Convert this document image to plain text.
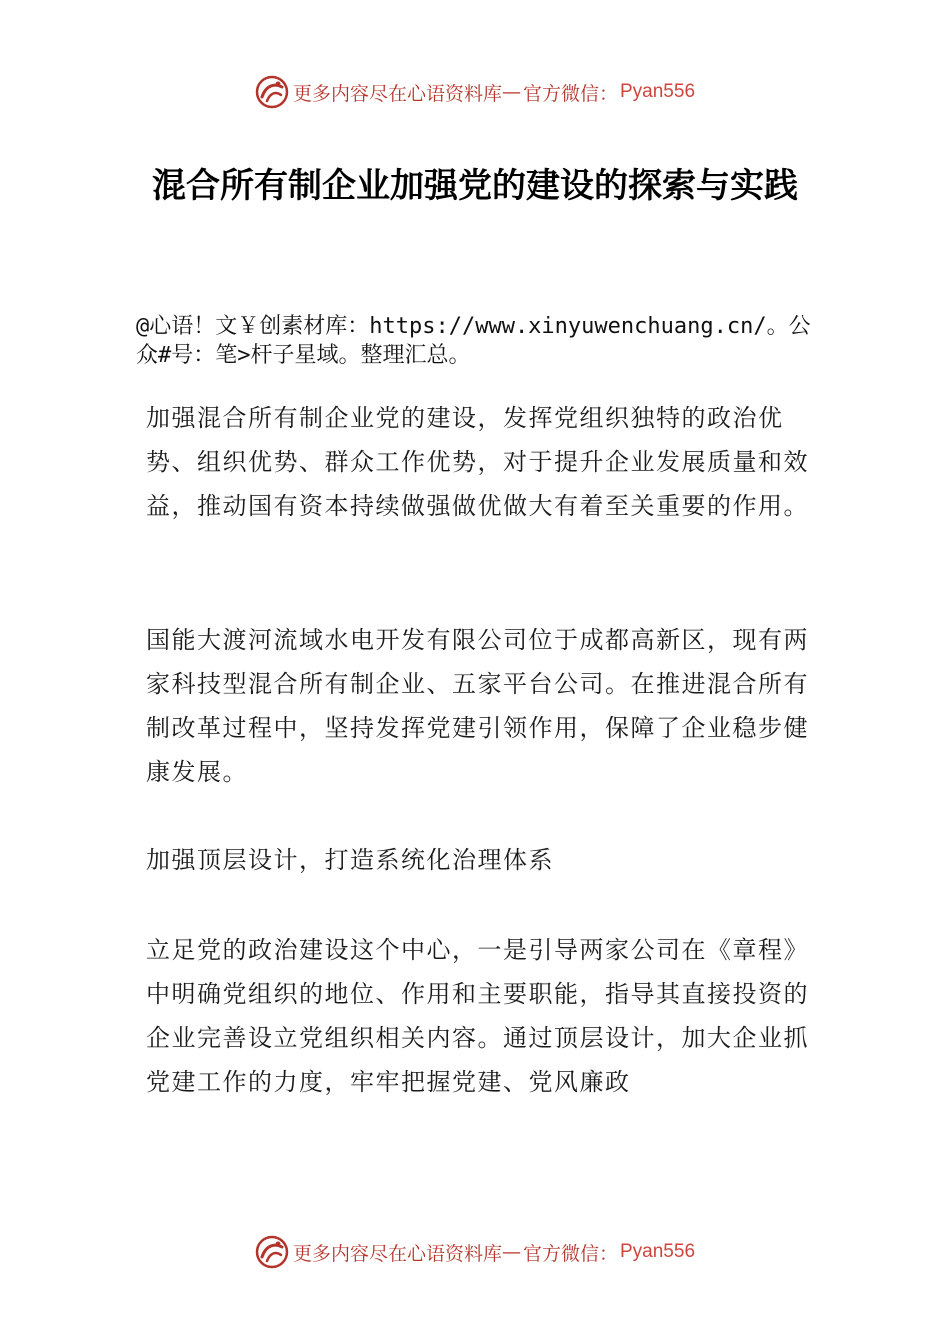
更多内容尽在心语资料库 — 官方微信： Pyan556
混合所有制企业加强党的建设的探索与实践

@心语！文￥创素材库：https://www.xinyuwenchuang.cn/。公众#号：笔>杆子星域。整理汇总。

加强混合所有制企业党的建设，发挥党组织独特的政治优势、组织优势、群众工作优势，对于提升企业发展质量和效益，推动国有资本持续做强做优做大有着至关重要的作用。

国能大渡河流域水电开发有限公司位于成都高新区，现有两家科技型混合所有制企业、五家平台公司。在推进混合所有制改革过程中，坚持发挥党建引领作用，保障了企业稳步健康发展。

加强顶层设计，打造系统化治理体系

立足党的政治建设这个中心，一是引导两家公司在《章程》中明确党组织的地位、作用和主要职能，指导其直接投资的企业完善设立党组织相关内容。通过顶层设计，加大企业抓党建工作的力度，牢牢把握党建、党风廉政

更多内容尽在心语资料库 — 官方微信： Pyan556
